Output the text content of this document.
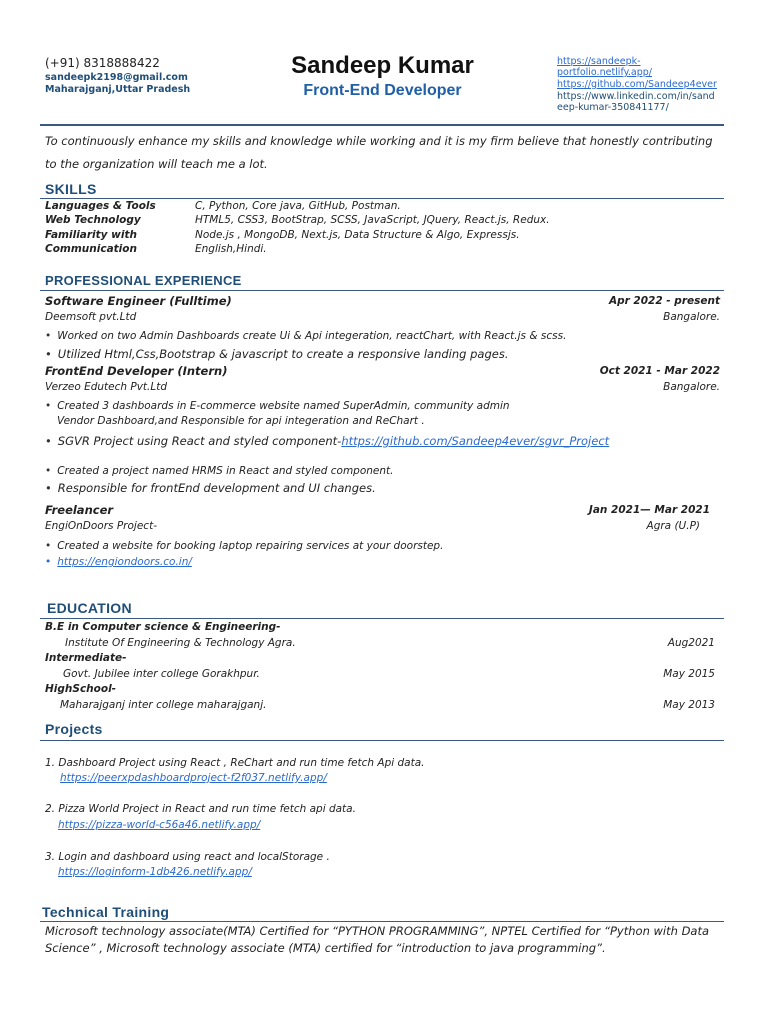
(+91) 8318888422
sandeepk2198@gmail.com
Maharajganj,Uttar Pradesh
Sandeep Kumar
Front-End Developer
https://sandeepk-
portfolio.netlify.app/
https://github.com/Sandeep4ever
https://www.linkedin.com/in/sand
eep-kumar-350841177/
To continuously enhance my skills and knowledge while working and it is my firm believe that honestly contributing
to the organization will teach me a lot.
SKILLS
Languages & Tools	C, Python, Core java, GitHub, Postman.
Web Technology	HTML5, CSS3, BootStrap, SCSS, JavaScript, JQuery, React.js, Redux.
Familiarity with	Node.js , MongoDB, Next.js, Data Structure & Algo, Expressjs.
Communication	English,Hindi.
PROFESSIONAL EXPERIENCE
Software Engineer (Fulltime)	Apr 2022 - present
Deemsoft pvt.Ltd	Bangalore.
• Worked on two Admin Dashboards create Ui & Api integeration, reactChart, with React.js & scss.
• Utilized Html,Css,Bootstrap & javascript to create a responsive landing pages.
FrontEnd Developer (Intern)	Oct 2021 - Mar 2022
Verzeo Edutech Pvt.Ltd	Bangalore.
• Created 3 dashboards in E-commerce website named SuperAdmin, community admin
Vendor Dashboard,and Responsible for api integeration and ReChart .
• SGVR Project using React and styled component-https://github.com/Sandeep4ever/sgvr_Project
• Created a project named HRMS in React and styled component.
• Responsible for frontEnd development and UI changes.
Freelancer	Jan 2021— Mar 2021
EngiOnDoors Project-	Agra (U.P)
• Created a website for booking laptop repairing services at your doorstep.
• https://engiondoors.co.in/
EDUCATION
B.E in Computer science & Engineering-
Institute Of Engineering & Technology Agra.	Aug2021
Intermediate-
Govt. Jubilee inter college Gorakhpur.	May 2015
HighSchool-
Maharajganj inter college maharajganj.	May 2013
Projects
1. Dashboard Project using React , ReChart and run time fetch Api data.
https://peerxpdashboardproject-f2f037.netlify.app/
2. Pizza World Project in React and run time fetch api data.
https://pizza-world-c56a46.netlify.app/
3. Login and dashboard using react and localStorage .
https://loginform-1db426.netlify.app/
Technical Training
Microsoft technology associate(MTA) Certified for “PYTHON PROGRAMMING”, NPTEL Certified for “Python with Data
Science” , Microsoft technology associate (MTA) certified for “introduction to java programming”.
